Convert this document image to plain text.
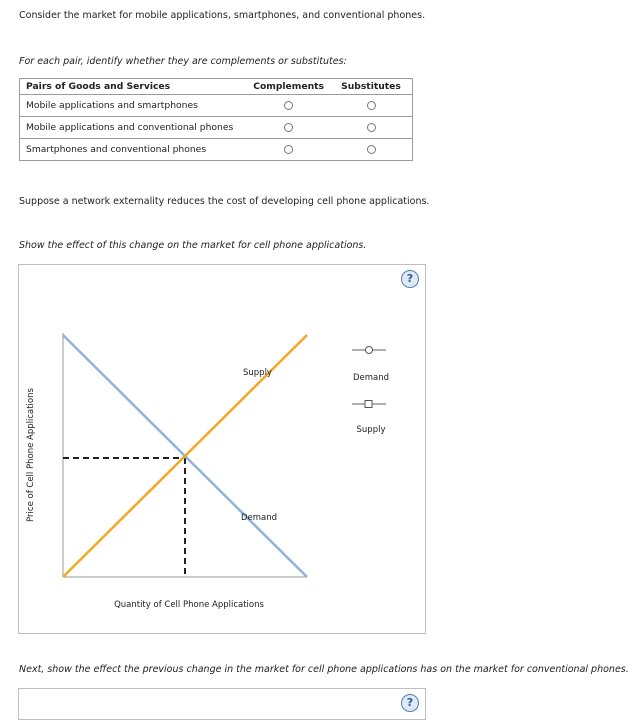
Consider the market for mobile applications, smartphones, and conventional phones.
For each pair, identify whether they are complements or substitutes:
Pairs of Goods and Services	Complements	Substitutes
Mobile applications and smartphones		
Mobile applications and conventional phones		
Smartphones and conventional phones		
Suppose a network externality reduces the cost of developing cell phone applications.
Show the effect of this change on the market for cell phone applications.
?
Supply
Demand
Price of Cell Phone Applications
Quantity of Cell Phone Applications
Demand
Supply
Next, show the effect the previous change in the market for cell phone applications has on the market for conventional phones.
?
